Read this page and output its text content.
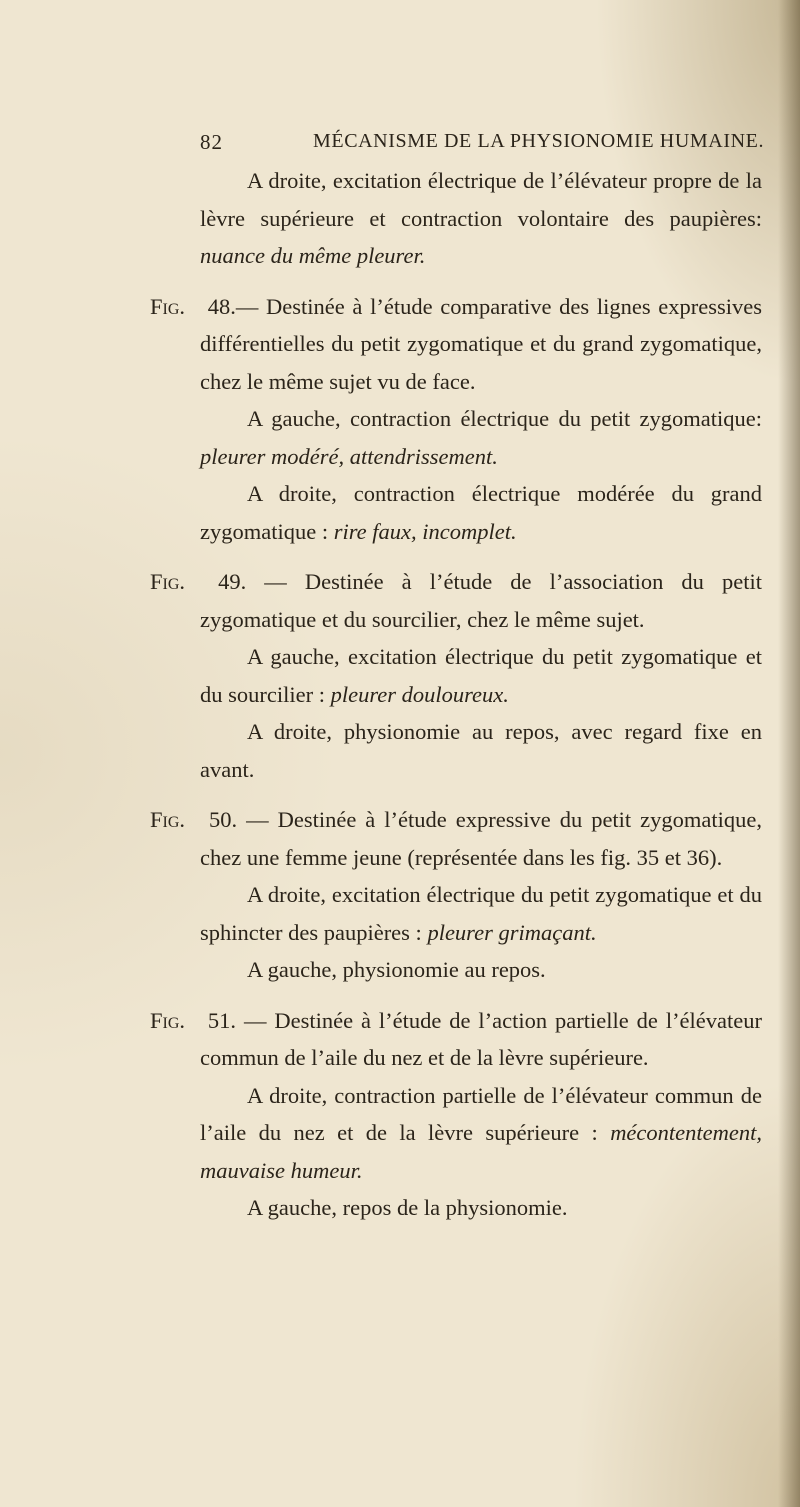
82	MÉCANISME DE LA PHYSIONOMIE HUMAINE.

A droite, excitation électrique de l’élévateur propre de la lèvre supérieure et contraction volontaire des paupières: nuance du même pleurer.

Fig. 48.— Destinée à l’étude comparative des lignes expressives différentielles du petit zygomatique et du grand zygomatique, chez le même sujet vu de face.

A gauche, contraction électrique du petit zygomatique: pleurer modéré, attendrissement.

A droite, contraction électrique modérée du grand zygomatique : rire faux, incomplet.

Fig. 49. — Destinée à l’étude de l’association du petit zygomatique et du sourcilier, chez le même sujet.

A gauche, excitation électrique du petit zygomatique et du sourcilier : pleurer douloureux.

A droite, physionomie au repos, avec regard fixe en avant.

Fig. 50. — Destinée à l’étude expressive du petit zygomatique, chez une femme jeune (représentée dans les fig. 35 et 36).

A droite, excitation électrique du petit zygomatique et du sphincter des paupières : pleurer grimaçant.

A gauche, physionomie au repos.

Fig. 51. — Destinée à l’étude de l’action partielle de l’élévateur commun de l’aile du nez et de la lèvre supérieure.

A droite, contraction partielle de l’élévateur commun de l’aile du nez et de la lèvre supérieure : mécontentement, mauvaise humeur.

A gauche, repos de la physionomie.
